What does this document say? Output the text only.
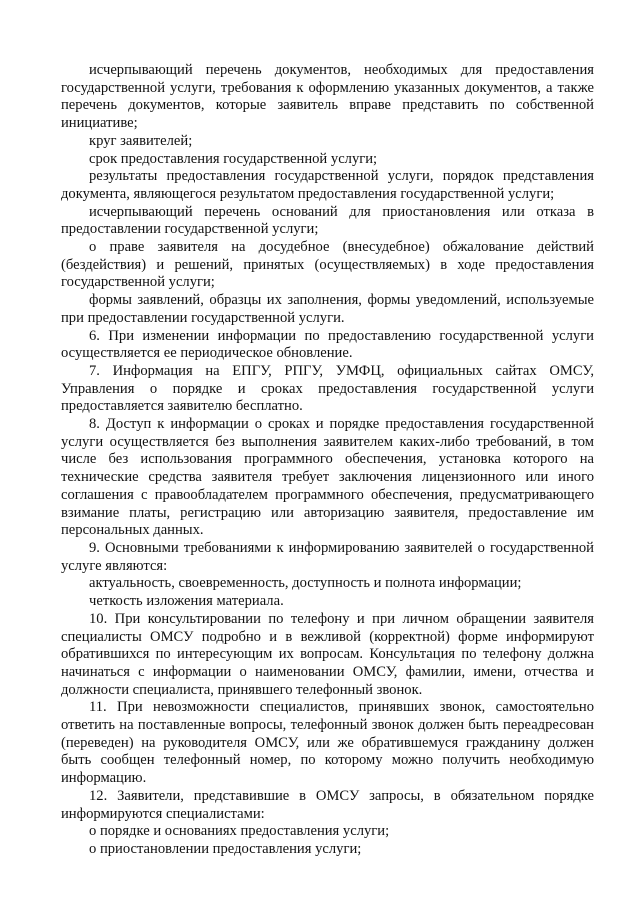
исчерпывающий перечень документов, необходимых для предоставления государственной услуги, требования к оформлению указанных документов, а также перечень документов, которые заявитель вправе представить по собственной инициативе;

круг заявителей;

срок предоставления государственной услуги;

результаты предоставления государственной услуги, порядок представления документа, являющегося результатом предоставления государственной услуги;

исчерпывающий перечень оснований для приостановления или отказа в предоставлении государственной услуги;

о праве заявителя на досудебное (внесудебное) обжалование действий (бездействия) и решений, принятых (осуществляемых) в ходе предоставления государственной услуги;

формы заявлений, образцы их заполнения, формы уведомлений, используемые при предоставлении государственной услуги.

6. При изменении информации по предоставлению государственной услуги осуществляется ее периодическое обновление.

7. Информация на ЕПГУ, РПГУ, УМФЦ, официальных сайтах ОМСУ, Управления о порядке и сроках предоставления государственной услуги предоставляется заявителю бесплатно.

8. Доступ к информации о сроках и порядке предоставления государственной услуги осуществляется без выполнения заявителем каких-либо требований, в том числе без использования программного обеспечения, установка которого на технические средства заявителя требует заключения лицензионного или иного соглашения с правообладателем программного обеспечения, предусматривающего взимание платы, регистрацию или авторизацию заявителя, предоставление им персональных данных.

9. Основными требованиями к информированию заявителей о государственной услуге являются:

актуальность, своевременность, доступность и полнота информации;

четкость изложения материала.

10. При консультировании по телефону и при личном обращении заявителя специалисты ОМСУ подробно и в вежливой (корректной) форме информируют обратившихся по интересующим их вопросам. Консультация по телефону должна начинаться с информации о наименовании ОМСУ, фамилии, имени, отчества и должности специалиста, принявшего телефонный звонок.

11. При невозможности специалистов, принявших звонок, самостоятельно ответить на поставленные вопросы, телефонный звонок должен быть переадресован (переведен) на руководителя ОМСУ, или же обратившемуся гражданину должен быть сообщен телефонный номер, по которому можно получить необходимую информацию.

12. Заявители, представившие в ОМСУ запросы, в обязательном порядке информируются специалистами:

о порядке и основаниях предоставления услуги;

о приостановлении предоставления услуги;
